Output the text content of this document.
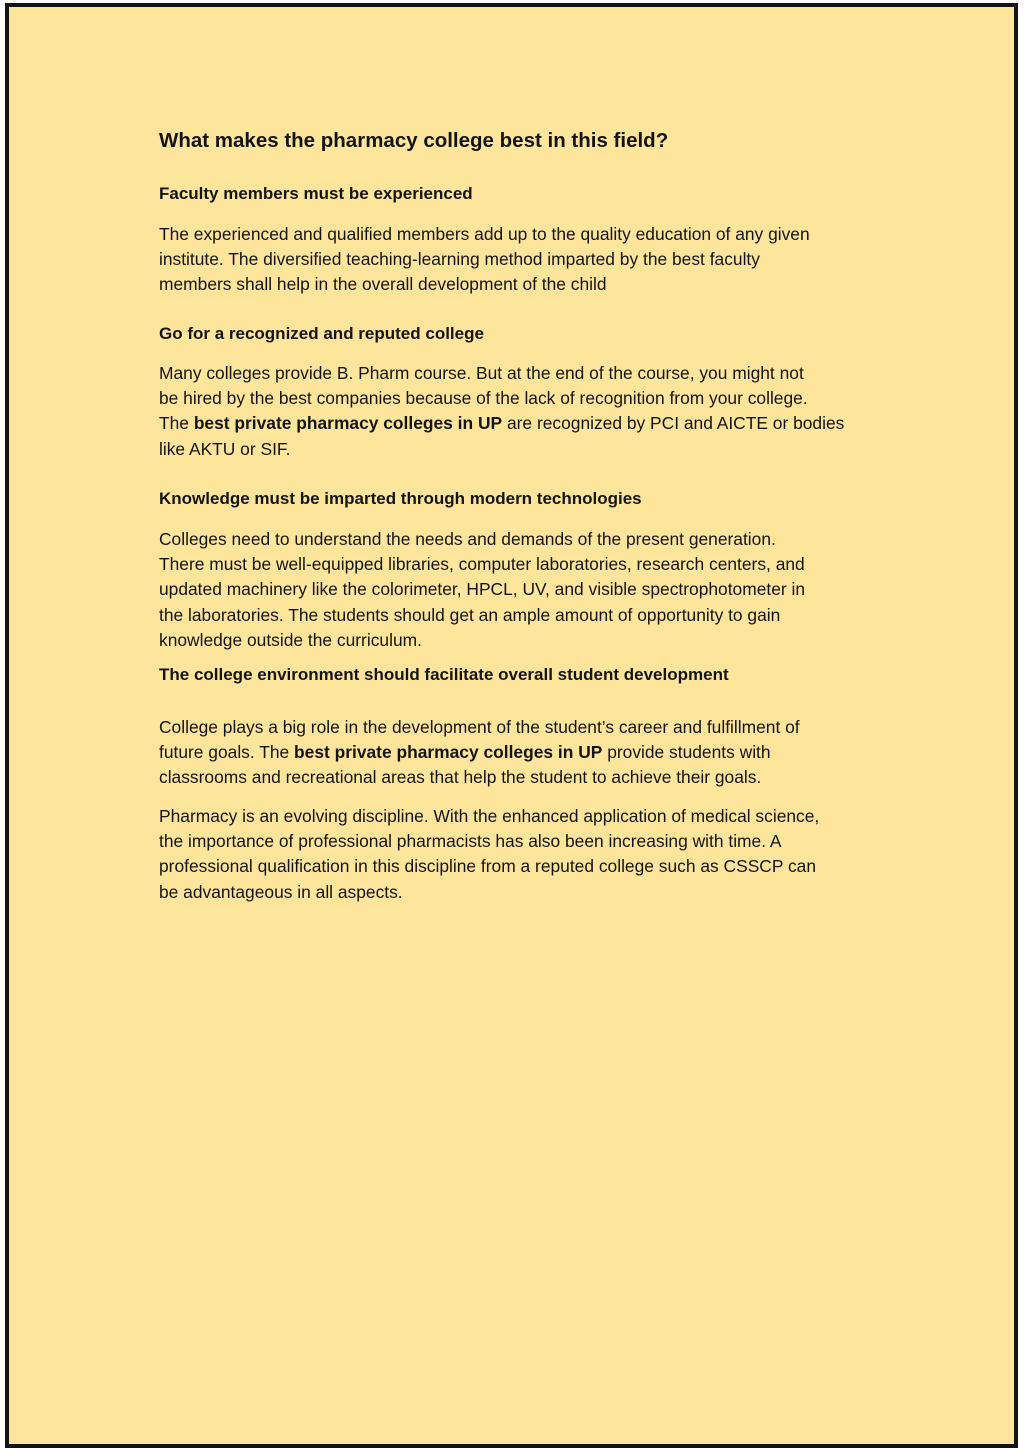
What makes the pharmacy college best in this field?
Faculty members must be experienced

The experienced and qualified members add up to the quality education of any given
institute. The diversified teaching-learning method imparted by the best faculty
members shall help in the overall development of the child

Go for a recognized and reputed college

Many colleges provide B. Pharm course. But at the end of the course, you might not
be hired by the best companies because of the lack of recognition from your college.
The best private pharmacy colleges in UP are recognized by PCI and AICTE or bodies
like AKTU or SIF.

Knowledge must be imparted through modern technologies

Colleges need to understand the needs and demands of the present generation.
There must be well-equipped libraries, computer laboratories, research centers, and
updated machinery like the colorimeter, HPCL, UV, and visible spectrophotometer in
the laboratories. The students should get an ample amount of opportunity to gain
knowledge outside the curriculum.

The college environment should facilitate overall student development

College plays a big role in the development of the student’s career and fulfillment of
future goals. The best private pharmacy colleges in UP provide students with
classrooms and recreational areas that help the student to achieve their goals.

Pharmacy is an evolving discipline. With the enhanced application of medical science,
the importance of professional pharmacists has also been increasing with time. A
professional qualification in this discipline from a reputed college such as CSSCP can
be advantageous in all aspects.
